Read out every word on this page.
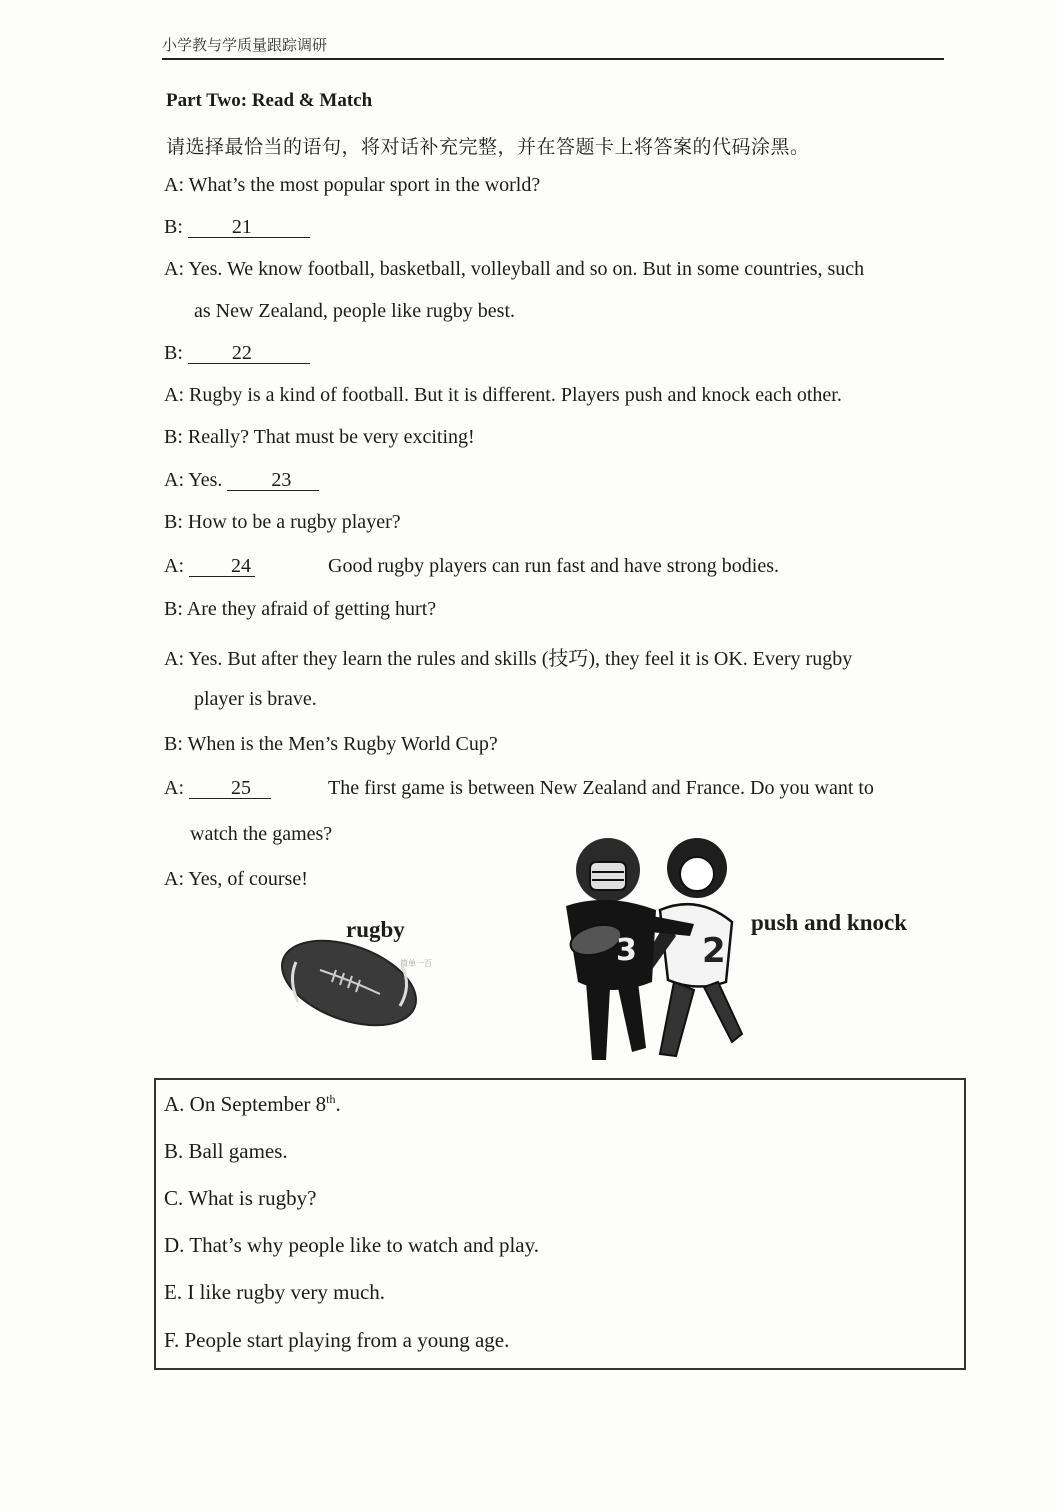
小学教与学质量跟踪调研
Part Two: Read & Match
请选择最恰当的语句，将对话补充完整，并在答题卡上将答案的代码涂黑。
A: What’s the most popular sport in the world?
B: 21
A: Yes. We know football, basketball, volleyball and so on. But in some countries, such
as New Zealand, people like rugby best.
B: 22
A: Rugby is a kind of football. But it is different. Players push and knock each other.
B: Really? That must be very exciting!
A: Yes. 23
B: How to be a rugby player?
A: 24	Good rugby players can run fast and have strong bodies.
B: Are they afraid of getting hurt?
A: Yes. But after they learn the rules and skills (技巧), they feel it is OK. Every rugby
player is brave.
B: When is the Men’s Rugby World Cup?
A: 25	The first game is between New Zealand and France. Do you want to
watch the games?
A: Yes, of course!
rugby
简单一百
push and knock
2
3
A. On September 8th.
B. Ball games.
C. What is rugby?
D. That’s why people like to watch and play.
E. I like rugby very much.
F. People start playing from a young age.
